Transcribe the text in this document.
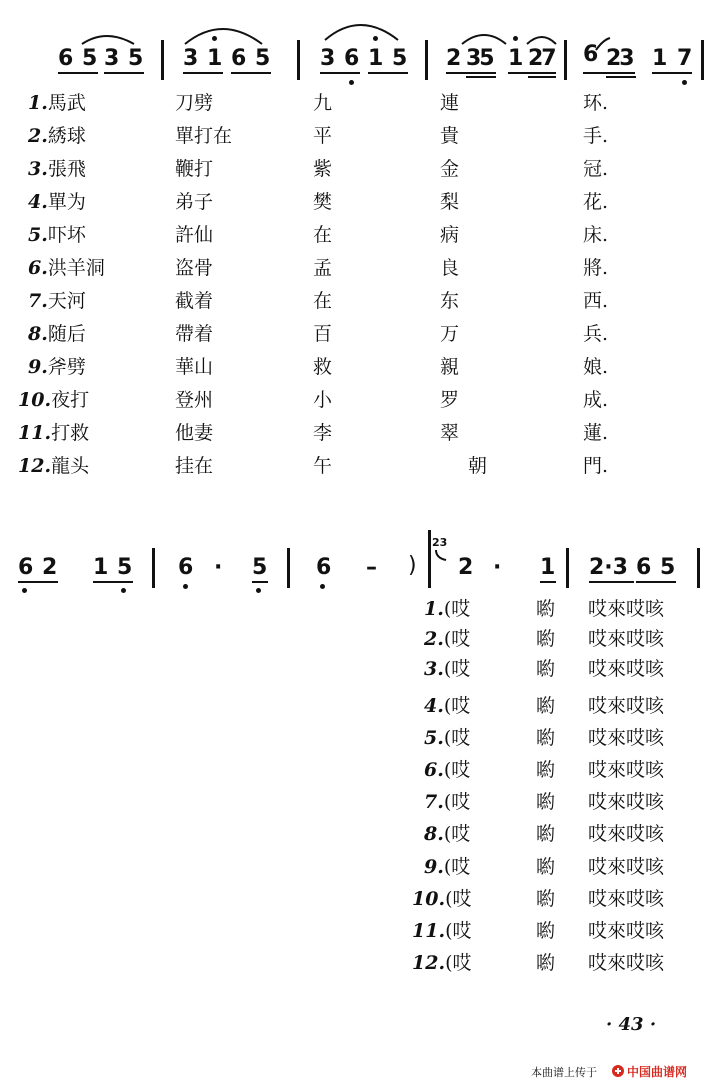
6 5 3 5 3 1 6 5 3 6 1 5 2 35 1 27 6 23 1 7
1.馬武	刀劈	九	連	环.
2.綉球	單打在	平	貴	手.
3.張飛	鞭打	紫	金	冠.
4.單为	弟子	樊	梨	花.
5.吓坏	許仙	在	病	床.
6.洪羊洞	盗骨	孟	良	將.
7.天河	截着	在	东	西.
8.随后	帶着	百	万	兵.
9.斧劈	華山	救	親	娘.
10.夜打	登州	小	罗	成.
11.打救	他妻	李	翠	蓮.
12.龍头	挂在	午	朝	門.
6 2 1 5 6 · 5 6 – )
23
2 · 1 2·3 6 5
1.(哎	喲 哎來哎咳
2.(哎	喲 哎來哎咳
3.(哎	喲 哎來哎咳
4.(哎	喲 哎來哎咳
5.(哎	喲 哎來哎咳
6.(哎	喲 哎來哎咳
7.(哎	喲 哎來哎咳
8.(哎	喲 哎來哎咳
9.(哎	喲 哎來哎咳
10.(哎	喲 哎來哎咳
11.(哎	喲 哎來哎咳
12.(哎	喲 哎來哎咳
· 43 ·
本曲谱上传于	中国曲谱网
